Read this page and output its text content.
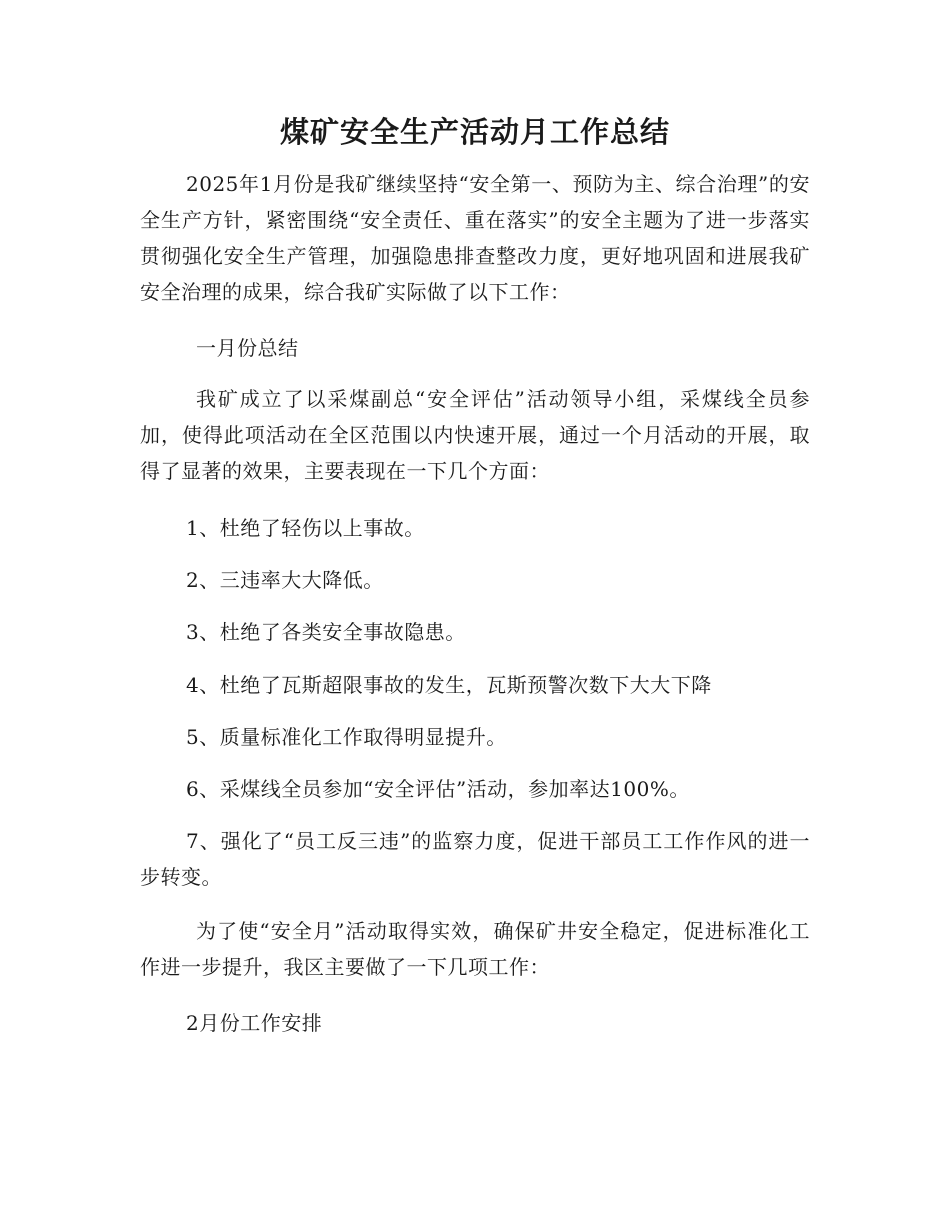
煤矿安全生产活动月工作总结

2025年1月份是我矿继续坚持“安全第一、预防为主、综合治理”的安全生产方针，紧密围绕“安全责任、重在落实”的安全主题为了进一步落实贯彻强化安全生产管理，加强隐患排查整改力度，更好地巩固和进展我矿安全治理的成果，综合我矿实际做了以下工作：

一月份总结

我矿成立了以采煤副总“安全评估”活动领导小组，采煤线全员参加，使得此项活动在全区范围以内快速开展，通过一个月活动的开展，取得了显著的效果，主要表现在一下几个方面：

1、杜绝了轻伤以上事故。

2、三违率大大降低。

3、杜绝了各类安全事故隐患。

4、杜绝了瓦斯超限事故的发生，瓦斯预警次数下大大下降

5、质量标准化工作取得明显提升。

6、采煤线全员参加“安全评估”活动，参加率达100%。

7、强化了“员工反三违”的监察力度，促进干部员工工作作风的进一步转变。

为了使“安全月”活动取得实效，确保矿井安全稳定，促进标准化工作进一步提升，我区主要做了一下几项工作：

2月份工作安排
